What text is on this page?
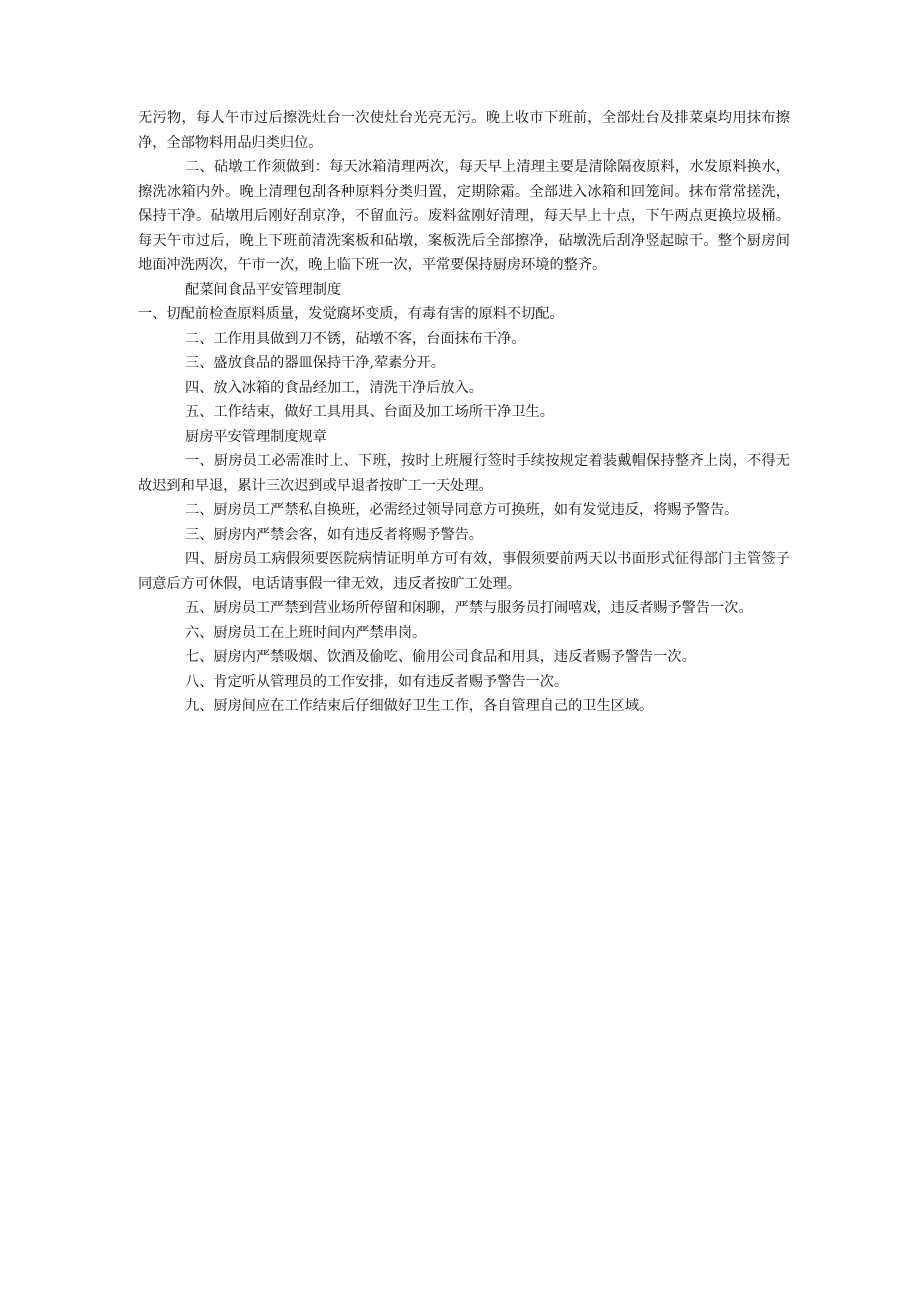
无污物，每人午市过后擦洗灶台一次使灶台光亮无污。晚上收市下班前，全部灶台及排菜桌均用抹布擦净，全部物料用品归类归位。

二、砧墩工作须做到：每天冰箱清理两次，每天早上清理主要是清除隔夜原料，水发原料换水，擦洗冰箱内外。晚上清理包刮各种原料分类归置，定期除霜。全部进入冰箱和回笼间。抹布常常搓洗，保持干净。砧墩用后刚好刮京净，不留血污。废料盆刚好清理，每天早上十点，下午两点更换垃圾桶。每天午市过后，晚上下班前清洗案板和砧墩，案板洗后全部擦净，砧墩洗后刮净竖起晾干。整个厨房间地面冲洗两次，午市一次，晚上临下班一次，平常要保持厨房环境的整齐。

配菜间食品平安管理制度

一、切配前检查原料质量，发觉腐坏变质，有毒有害的原料不切配。

二、工作用具做到刀不锈，砧墩不客，台面抹布干净。

三、盛放食品的器皿保持干净,荤素分开。

四、放入冰箱的食品经加工，清洗干净后放入。

五、工作结束，做好工具用具、台面及加工场所干净卫生。

厨房平安管理制度规章

一、厨房员工必需准时上、下班，按时上班履行签时手续按规定着装戴帽保持整齐上岗，不得无故迟到和早退，累计三次迟到或早退者按旷工一天处理。

二、厨房员工严禁私自换班，必需经过领导同意方可换班，如有发觉违反，将赐予警告。

三、厨房内严禁会客，如有违反者将赐予警告。

四、厨房员工病假须要医院病情证明单方可有效，事假须要前两天以书面形式征得部门主管签子同意后方可休假，电话请事假一律无效，违反者按旷工处理。

五、厨房员工严禁到营业场所停留和闲聊，严禁与服务员打闹嘻戏，违反者赐予警告一次。

六、厨房员工在上班时间内严禁串岗。

七、厨房内严禁吸烟、饮酒及偷吃、偷用公司食品和用具，违反者赐予警告一次。

八、肯定听从管理员的工作安排，如有违反者赐予警告一次。

九、厨房间应在工作结束后仔细做好卫生工作，各自管理自己的卫生区域。
